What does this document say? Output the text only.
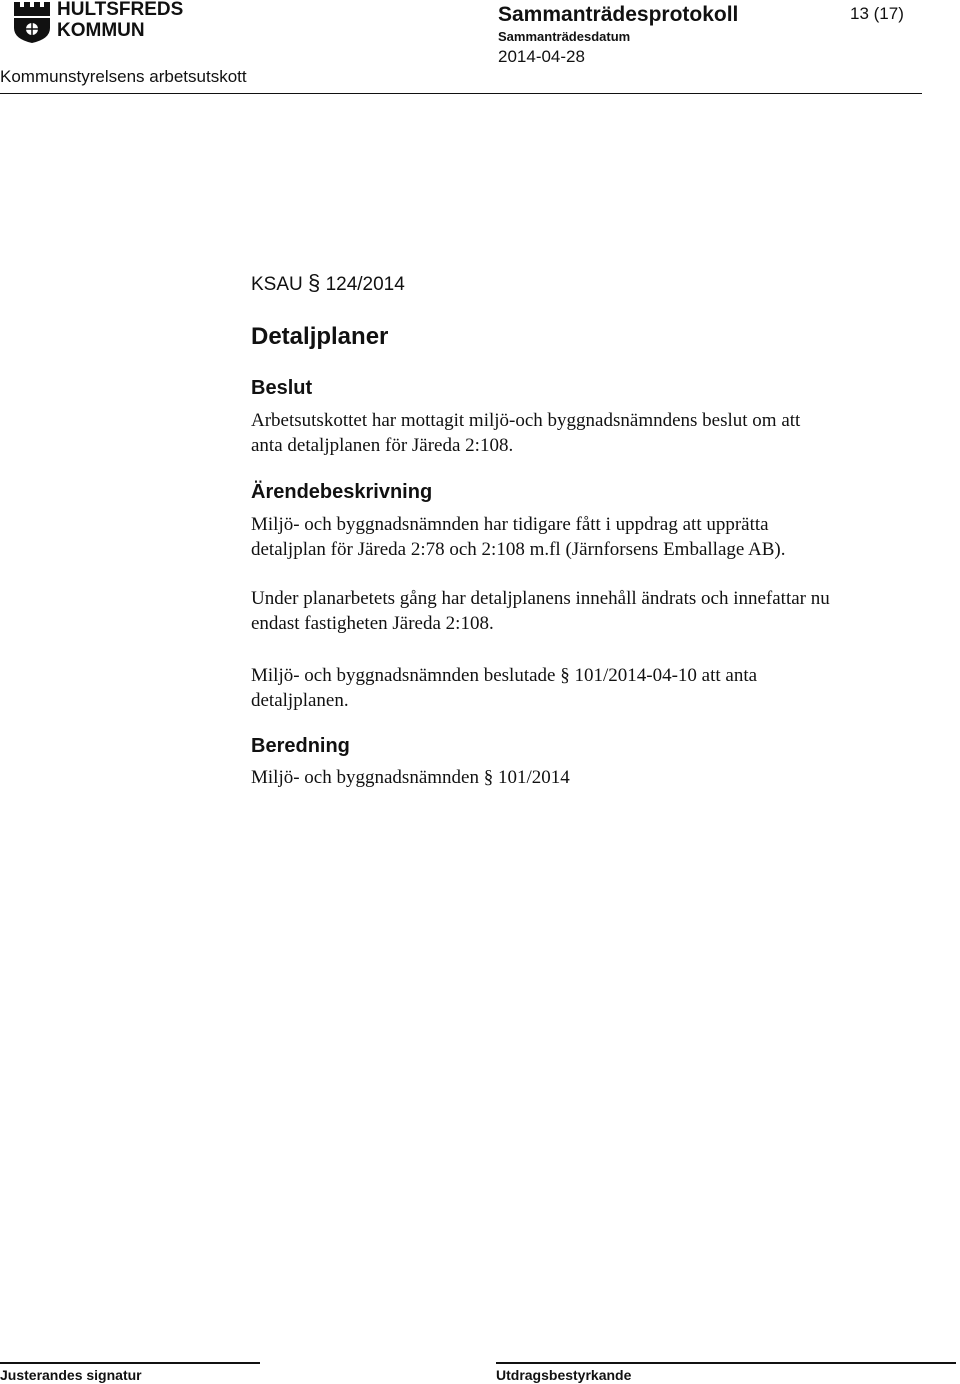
HULTSFREDS
KOMMUN
Sammanträdesprotokoll
Sammanträdesdatum
2014-04-28
13 (17)
Kommunstyrelsens arbetsutskott
KSAU § 124/2014
Detaljplaner
Beslut
Arbetsutskottet har mottagit miljö-och byggnadsnämndens beslut om att
anta detaljplanen för Järeda 2:108.
Ärendebeskrivning
Miljö- och byggnadsnämnden har tidigare fått i uppdrag att upprätta
detaljplan för Järeda 2:78 och 2:108 m.fl (Järnforsens Emballage AB).
Under planarbetets gång har detaljplanens innehåll ändrats och innefattar nu
endast fastigheten Järeda 2:108.
Miljö- och byggnadsnämnden beslutade § 101/2014-04-10 att anta
detaljplanen.
Beredning
Miljö- och byggnadsnämnden § 101/2014
Justerandes signatur	Utdragsbestyrkande
